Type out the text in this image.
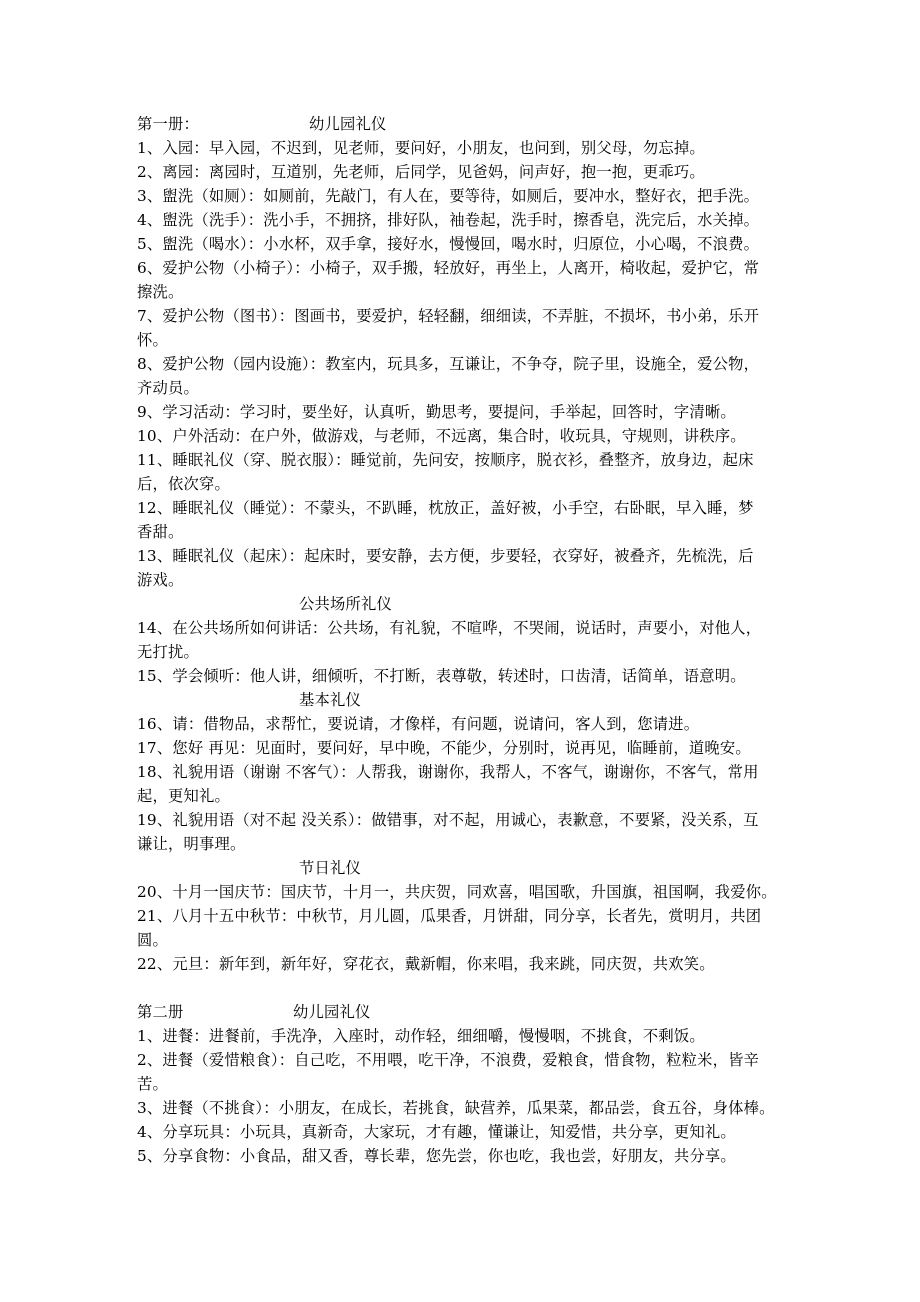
第一册：	幼儿园礼仪
1、入园：早入园，不迟到，见老师，要问好，小朋友，也问到，别父母，勿忘掉。
2、离园：离园时，互道别，先老师，后同学，见爸妈，问声好，抱一抱，更乖巧。
3、盥洗（如厕）：如厕前，先敲门，有人在，要等待，如厕后，要冲水，整好衣，把手洗。
4、盥洗（洗手）：洗小手，不拥挤，排好队，袖卷起，洗手时，擦香皂，洗完后，水关掉。
5、盥洗（喝水）：小水杯，双手拿，接好水，慢慢回，喝水时，归原位，小心喝，不浪费。
6、爱护公物（小椅子）：小椅子，双手搬，轻放好，再坐上，人离开，椅收起，爱护它，常
擦洗。
7、爱护公物（图书）：图画书，要爱护，轻轻翻，细细读，不弄脏，不损坏，书小弟，乐开
怀。
8、爱护公物（园内设施）：教室内，玩具多，互谦让，不争夺，院子里，设施全，爱公物，
齐动员。
9、学习活动：学习时，要坐好，认真听，勤思考，要提问，手举起，回答时，字清晰。
10、户外活动：在户外，做游戏，与老师，不远离，集合时，收玩具，守规则，讲秩序。
11、睡眠礼仪（穿、脱衣服）：睡觉前，先问安，按顺序，脱衣衫，叠整齐，放身边，起床
后，依次穿。
12、睡眠礼仪（睡觉）：不蒙头，不趴睡，枕放正，盖好被，小手空，右卧眠，早入睡，梦
香甜。
13、睡眠礼仪（起床）：起床时，要安静，去方便，步要轻，衣穿好，被叠齐，先梳洗，后
游戏。
公共场所礼仪
14、在公共场所如何讲话：公共场，有礼貌，不喧哗，不哭闹，说话时，声要小，对他人，
无打扰。
15、学会倾听：他人讲，细倾听，不打断，表尊敬，转述时，口齿清，话简单，语意明。
基本礼仪
16、请：借物品，求帮忙，要说请，才像样，有问题，说请问，客人到，您请进。
17、您好 再见：见面时，要问好，早中晚，不能少，分别时，说再见，临睡前，道晚安。
18、礼貌用语（谢谢 不客气）：人帮我，谢谢你，我帮人，不客气，谢谢你，不客气，常用
起，更知礼。
19、礼貌用语（对不起 没关系）：做错事，对不起，用诚心，表歉意，不要紧，没关系，互
谦让，明事理。
节日礼仪
20、十月一国庆节：国庆节，十月一，共庆贺，同欢喜，唱国歌，升国旗，祖国啊，我爱你。
21、八月十五中秋节：中秋节，月儿圆，瓜果香，月饼甜，同分享，长者先，赏明月，共团
圆。
22、元旦：新年到，新年好，穿花衣，戴新帽，你来唱，我来跳，同庆贺，共欢笑。
第二册	幼儿园礼仪
1、进餐：进餐前，手洗净，入座时，动作轻，细细嚼，慢慢咽，不挑食，不剩饭。
2、进餐（爱惜粮食）：自己吃，不用喂，吃干净，不浪费，爱粮食，惜食物，粒粒米，皆辛
苦。
3、进餐（不挑食）：小朋友，在成长，若挑食，缺营养，瓜果菜，都品尝，食五谷，身体棒。
4、分享玩具：小玩具，真新奇，大家玩，才有趣，懂谦让，知爱惜，共分享，更知礼。
5、分享食物：小食品，甜又香，尊长辈，您先尝，你也吃，我也尝，好朋友，共分享。
